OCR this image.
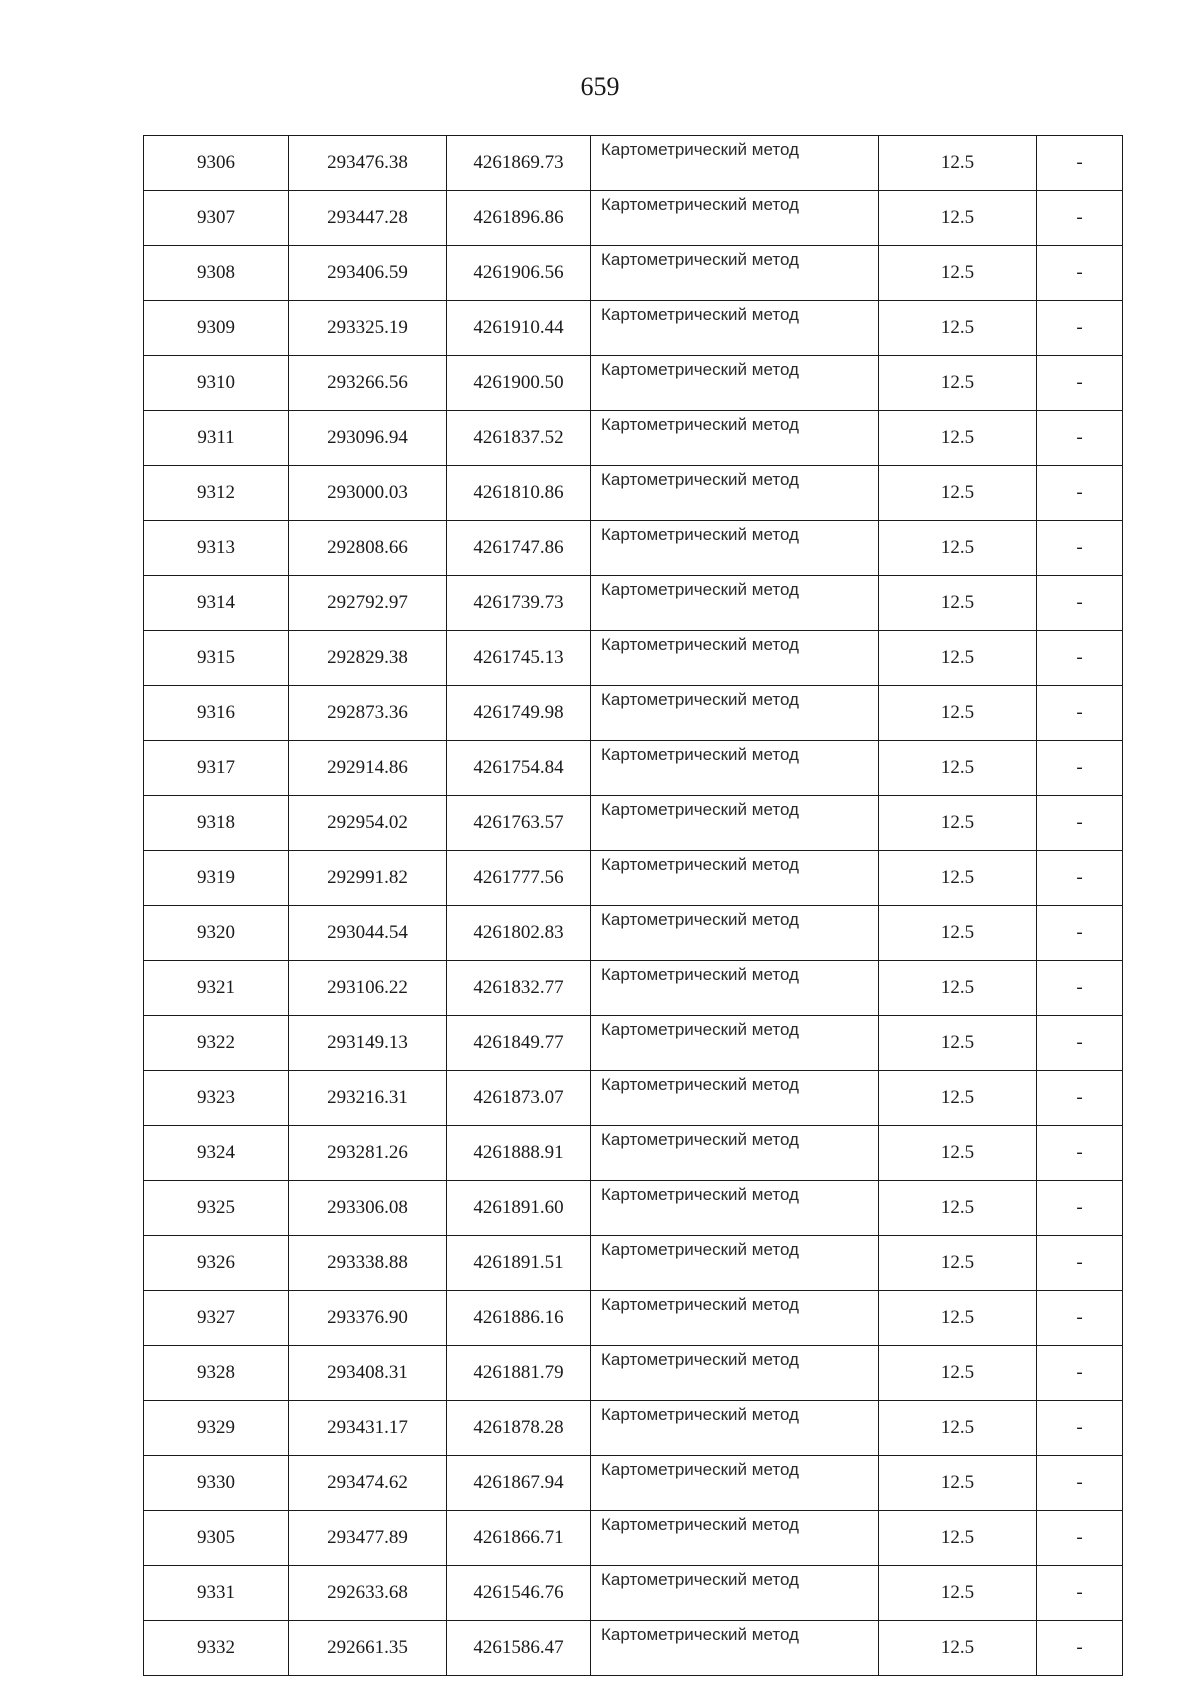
659
9306	293476.38	4261869.73	Картометрический метод	12.5	-
9307	293447.28	4261896.86	Картометрический метод	12.5	-
9308	293406.59	4261906.56	Картометрический метод	12.5	-
9309	293325.19	4261910.44	Картометрический метод	12.5	-
9310	293266.56	4261900.50	Картометрический метод	12.5	-
9311	293096.94	4261837.52	Картометрический метод	12.5	-
9312	293000.03	4261810.86	Картометрический метод	12.5	-
9313	292808.66	4261747.86	Картометрический метод	12.5	-
9314	292792.97	4261739.73	Картометрический метод	12.5	-
9315	292829.38	4261745.13	Картометрический метод	12.5	-
9316	292873.36	4261749.98	Картометрический метод	12.5	-
9317	292914.86	4261754.84	Картометрический метод	12.5	-
9318	292954.02	4261763.57	Картометрический метод	12.5	-
9319	292991.82	4261777.56	Картометрический метод	12.5	-
9320	293044.54	4261802.83	Картометрический метод	12.5	-
9321	293106.22	4261832.77	Картометрический метод	12.5	-
9322	293149.13	4261849.77	Картометрический метод	12.5	-
9323	293216.31	4261873.07	Картометрический метод	12.5	-
9324	293281.26	4261888.91	Картометрический метод	12.5	-
9325	293306.08	4261891.60	Картометрический метод	12.5	-
9326	293338.88	4261891.51	Картометрический метод	12.5	-
9327	293376.90	4261886.16	Картометрический метод	12.5	-
9328	293408.31	4261881.79	Картометрический метод	12.5	-
9329	293431.17	4261878.28	Картометрический метод	12.5	-
9330	293474.62	4261867.94	Картометрический метод	12.5	-
9305	293477.89	4261866.71	Картометрический метод	12.5	-
9331	292633.68	4261546.76	Картометрический метод	12.5	-
9332	292661.35	4261586.47	Картометрический метод	12.5	-
